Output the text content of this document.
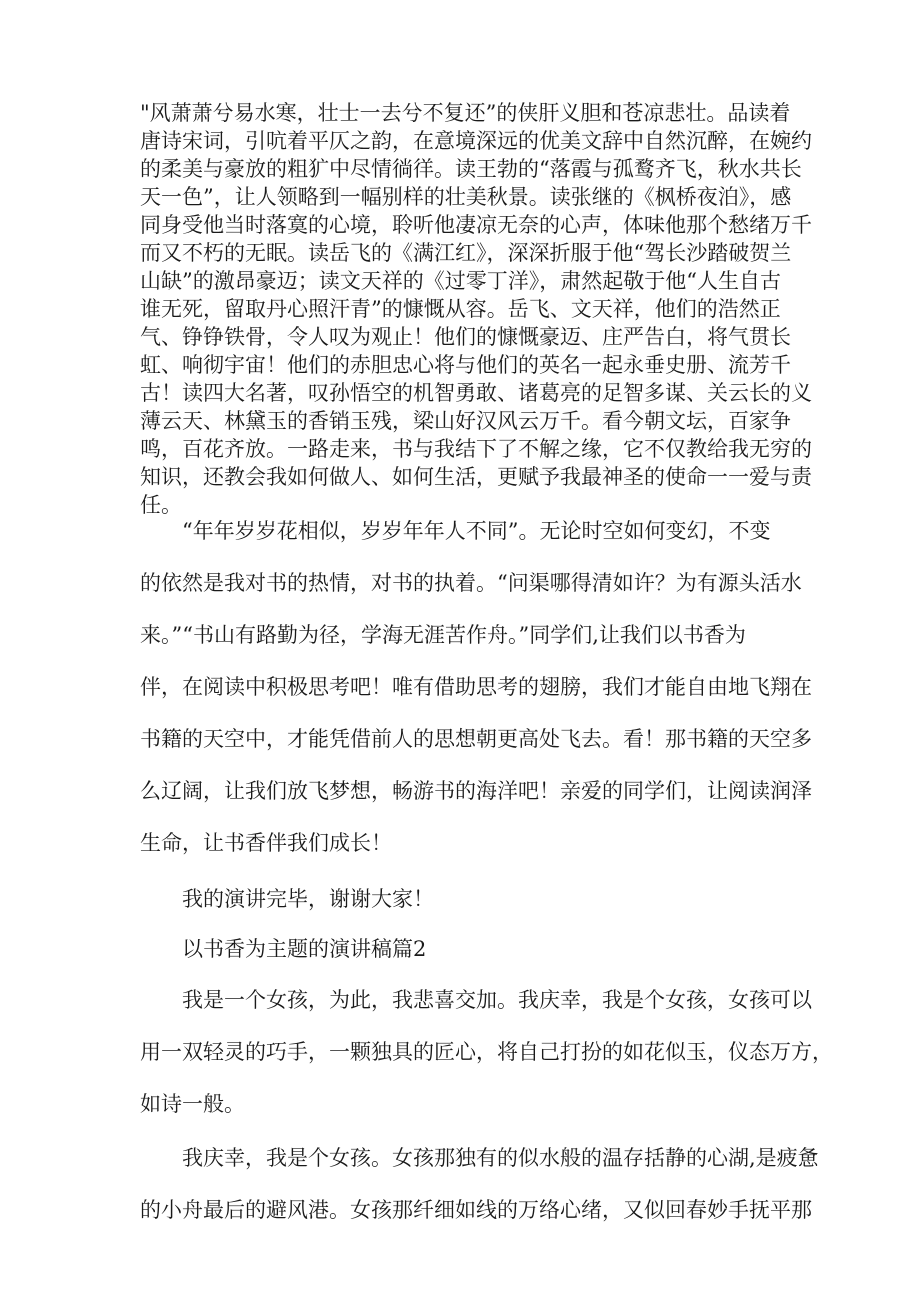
"风萧萧兮易水寒，壮士一去兮不复还”的侠肝义胆和苍凉悲壮。品读着

唐诗宋词，引吭着平仄之韵，在意境深远的优美文辞中自然沉醉，在婉约

的柔美与豪放的粗犷中尽情徜徉。读王勃的“落霞与孤鹜齐飞，秋水共长

天一色”，让人领略到一幅别样的壮美秋景。读张继的《枫桥夜泊》，感

同身受他当时落寞的心境，聆听他凄凉无奈的心声，体味他那个愁绪万千

而又不朽的无眠。读岳飞的《满江红》，深深折服于他“驾长沙踏破贺兰

山缺”的激昂豪迈；读文天祥的《过零丁洋》，肃然起敬于他“人生自古

谁无死，留取丹心照汗青”的慷慨从容。岳飞、文天祥，他们的浩然正

气、铮铮铁骨，令人叹为观止！他们的慷慨豪迈、庄严告白，将气贯长

虹、响彻宇宙！他们的赤胆忠心将与他们的英名一起永垂史册、流芳千

古！读四大名著，叹孙悟空的机智勇敢、诸葛亮的足智多谋、关云长的义

薄云天、林黛玉的香销玉残，梁山好汉风云万千。看今朝文坛，百家争

鸣，百花齐放。一路走来，书与我结下了不解之缘，它不仅教给我无穷的

知识，还教会我如何做人、如何生活，更赋予我最神圣的使命一一爱与责

任。

“年年岁岁花相似，岁岁年年人不同”。无论时空如何变幻，不变

的依然是我对书的热情，对书的执着。“问渠哪得清如许？为有源头活水

来。”“书山有路勤为径，学海无涯苦作舟。”同学们,让我们以书香为

伴，在阅读中积极思考吧！唯有借助思考的翅膀，我们才能自由地飞翔在

书籍的天空中，才能凭借前人的思想朝更高处飞去。看！那书籍的天空多

么辽阔，让我们放飞梦想，畅游书的海洋吧！亲爱的同学们，让阅读润泽

生命，让书香伴我们成长！

我的演讲完毕，谢谢大家！

以书香为主题的演讲稿篇2

我是一个女孩，为此，我悲喜交加。我庆幸，我是个女孩，女孩可以

用一双轻灵的巧手，一颗独具的匠心，将自己打扮的如花似玉，仪态万方，

如诗一般。

我庆幸，我是个女孩。女孩那独有的似水般的温存括静的心湖,是疲惫

的小舟最后的避风港。女孩那纤细如线的万络心绪，又似回春妙手抚平那
